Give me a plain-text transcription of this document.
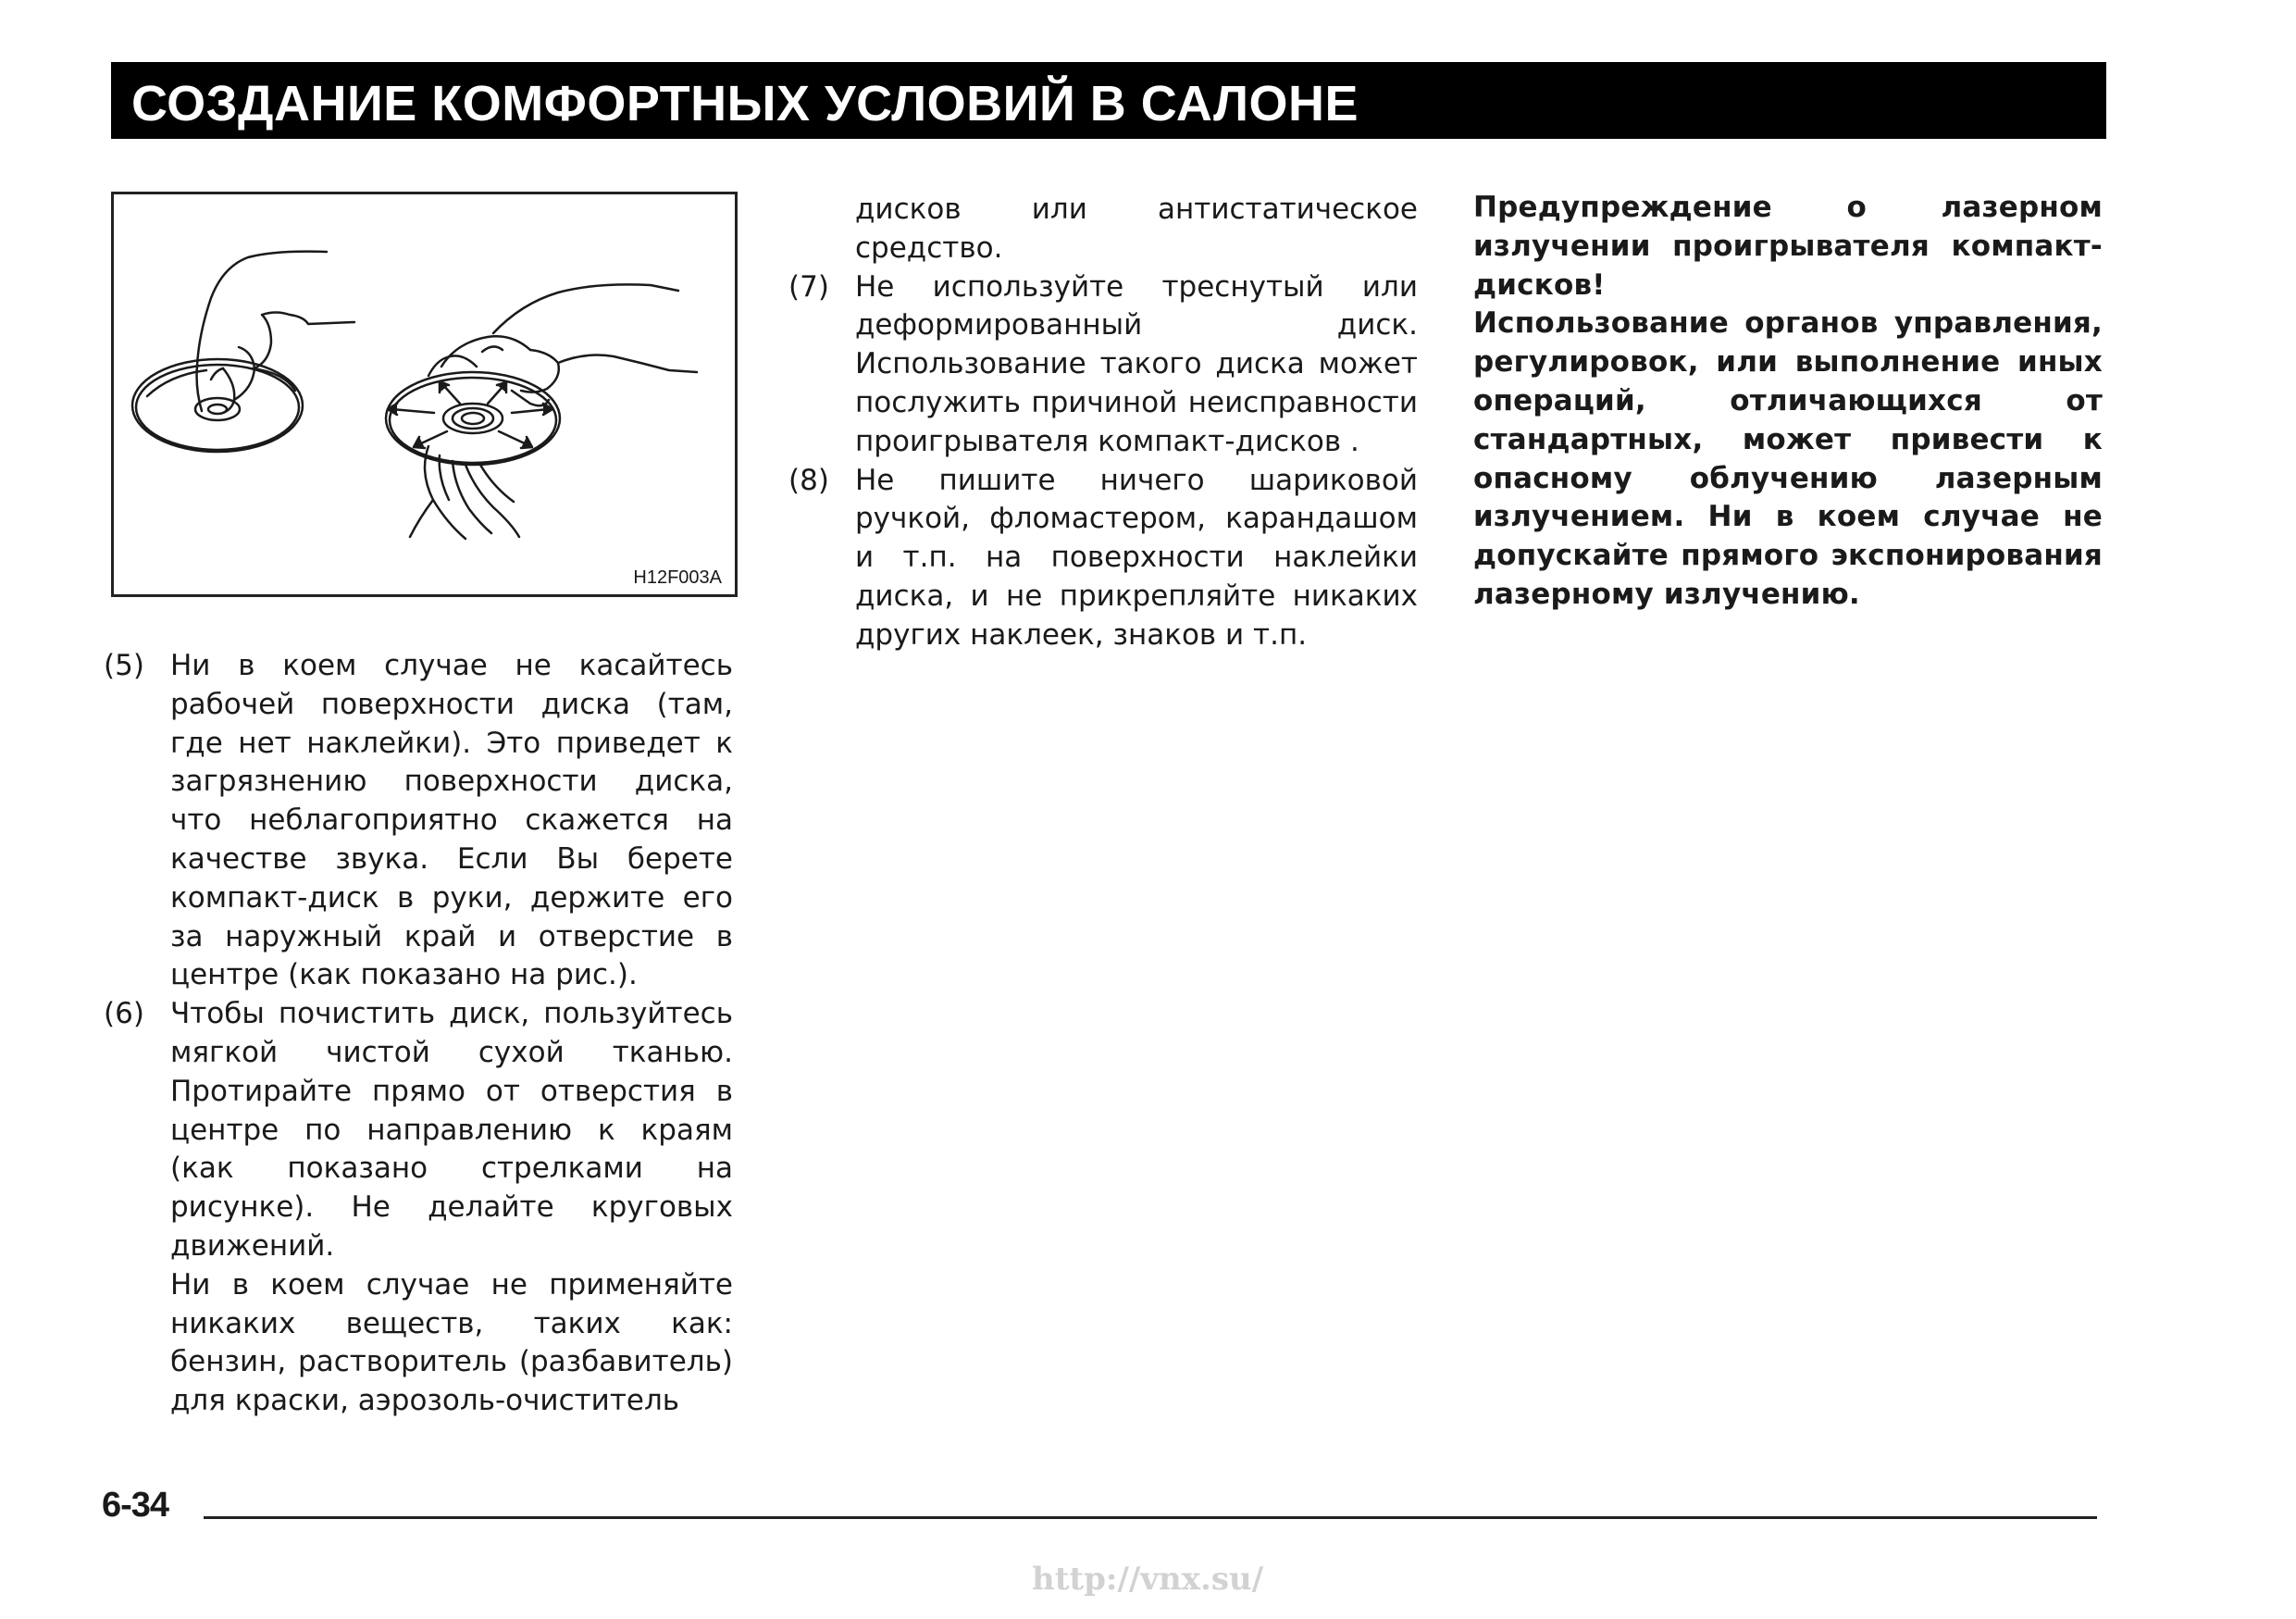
СОЗДАНИЕ КОМФОРТНЫХ УСЛОВИЙ В САЛОНЕ
H12F003A
(5) Ни в коем случае не касайтесь рабочей поверхности диска (там, где нет наклейки). Это приведет к загрязнению поверхности диска, что неблагоприятно скажется на качестве звука. Если Вы берете компакт-диск в руки, держите его за наружный край и отверстие в центре (как показано на рис.).
(6) Чтобы почистить диск, пользуйтесь мягкой чистой сухой тканью. Протирайте прямо от отверстия в центре по направлению к краям (как показано стрелками на рисунке). Не делайте круговых движений.
Ни в коем случае не применяйте никаких веществ, таких как: бензин, растворитель (разбавитель) для краски, аэрозоль-очиститель
дисков или антистатическое средство.
(7) Не используйте треснутый или деформированный диск. Использование такого диска может послужить причиной неисправности проигрывателя компакт-дисков .
(8) Не пишите ничего шариковой ручкой, фломастером, карандашом и т.п. на поверхности наклейки диска, и не прикрепляйте никаких других наклеек, знаков и т.п.
Предупреждение о лазерном излучении проигрывателя компакт-дисков!
Использование органов управления, регулировок, или выполнение иных операций, отличающихся от стандартных, может привести к опасному облучению лазерным излучением. Ни в коем случае не допускайте прямого экспонирования лазерному излучению.
6-34
http://vnx.su/
